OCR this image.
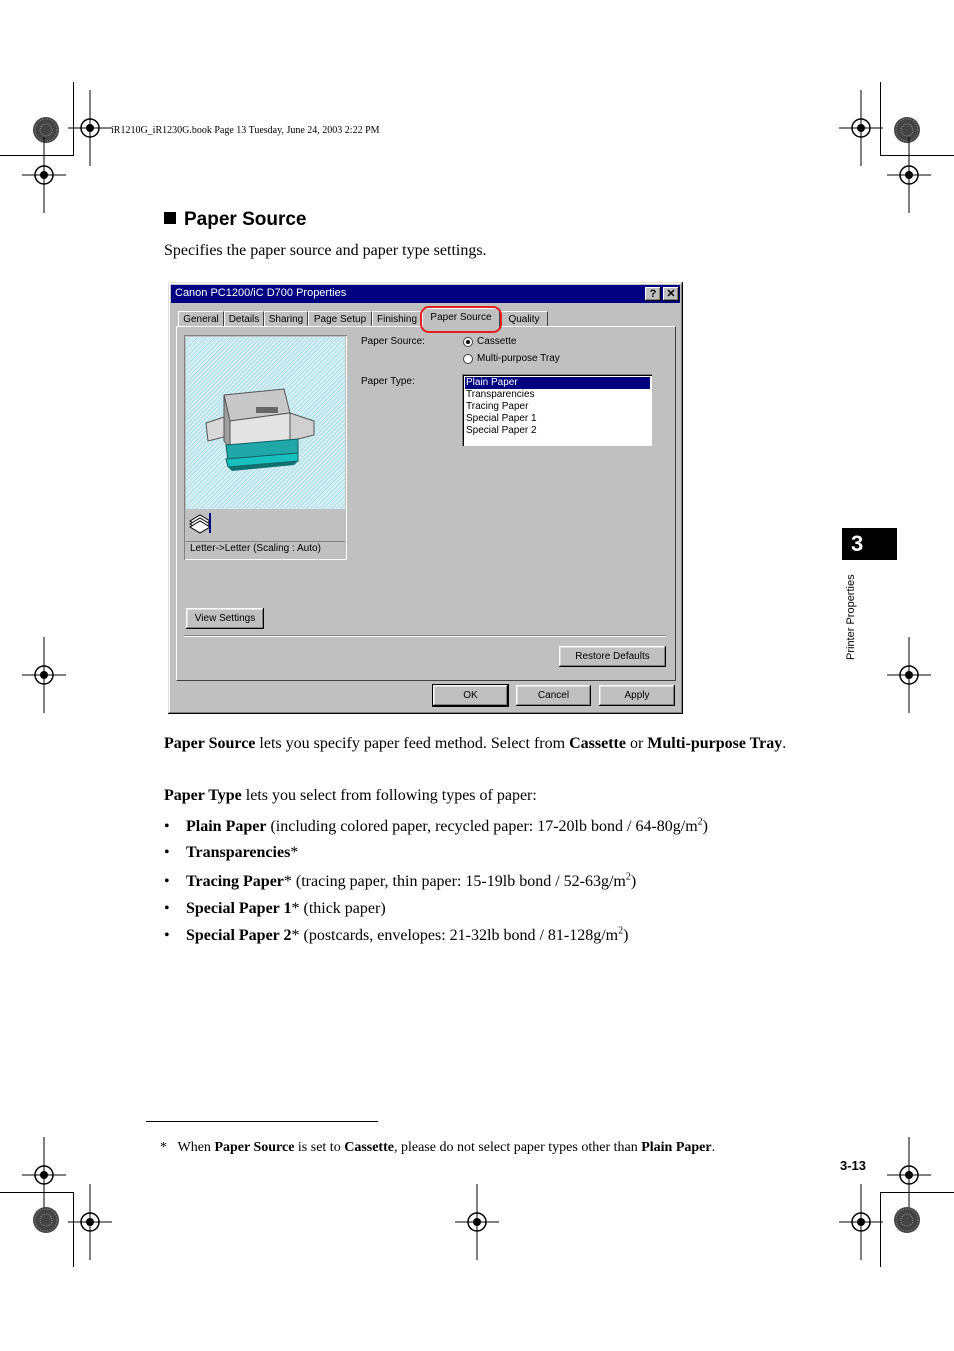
iR1210G_iR1230G.book Page 13 Tuesday, June 24, 2003 2:22 PM
Paper Source
Specifies the paper source and paper type settings.
Canon PC1200/iC D700 Properties	? ✕
General Details Sharing	Page Setup	Finishing	Paper Source	Quality
Letter->Letter (Scaling : Auto)
Paper Source:	Cassette
Multi-purpose Tray
Paper Type:	Plain Paper
Transparencies
Tracing Paper
Special Paper 1
Special Paper 2
View Settings
Restore Defaults
OK	Cancel	Apply
Paper Source lets you specify paper feed method. Select from Cassette or Multi-purpose Tray.
Paper Type lets you select from following types of paper:
• Plain Paper (including colored paper, recycled paper: 17-20lb bond / $64-80g/m^2$)
• Transparencies*
• Tracing Paper* (tracing paper, thin paper: 15-19lb bond / $52-63g/m^2$)
• Special Paper 1* (thick paper)
• Special Paper 2* (postcards, envelopes: 21-32lb bond / $81-128g/m^2$)
* When Paper Source is set to Cassette, please do not select paper types other than Plain Paper.
3
Printer Properties
3-13
